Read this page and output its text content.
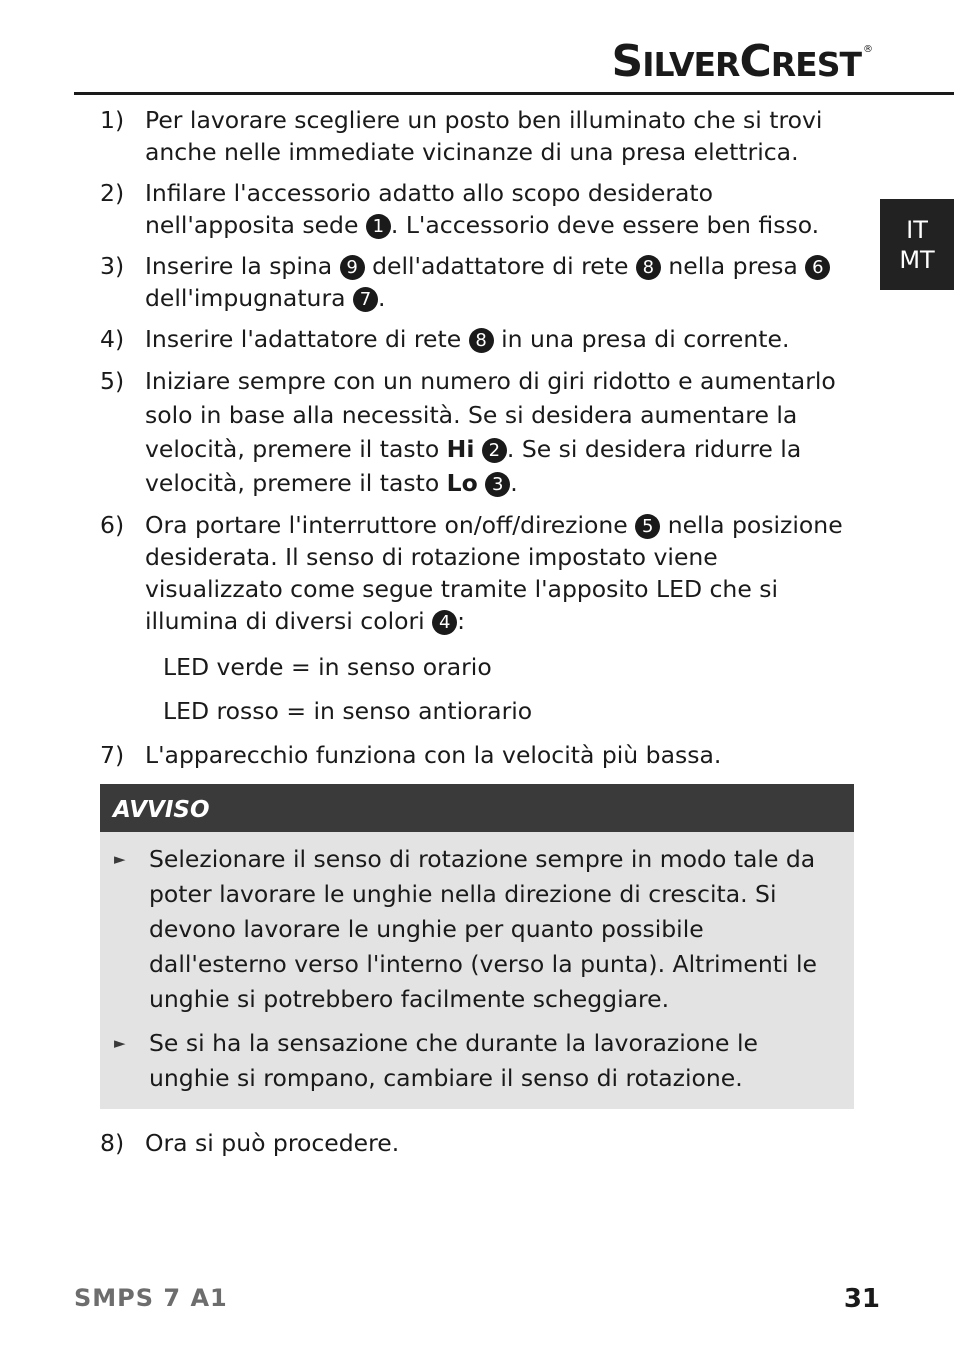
SILVERCREST ®
IT
MT
1) Per lavorare scegliere un posto ben illuminato che si trovi anche nelle immediate vicinanze di una presa elettrica.
2) Infilare l'accessorio adatto allo scopo desiderato nell'apposita sede 1 . L'accessorio deve essere ben fisso.
3) Inserire la spina 9 dell'adattatore di rete 8 nella presa 6 dell'impugnatura 7 .
4) Inserire l'adattatore di rete 8 in una presa di corrente.
5) Iniziare sempre con un numero di giri ridotto e aumentarlo solo in base alla necessità. Se si desidera aumentare la velocità, premere il tasto Hi 2 . Se si desidera ridurre la velocità, premere il tasto Lo 3 .
6) Ora portare l'interruttore on/off/direzione 5 nella posizione desiderata. Il senso di rotazione impostato viene visualizzato come segue tramite l'apposito LED che si illumina di diversi colori 4 :
LED verde = in senso orario
LED rosso = in senso antiorario
7) L'apparecchio funziona con la velocità più bassa.
AVVISO
► Selezionare il senso di rotazione sempre in modo tale da poter lavorare le unghie nella direzione di crescita. Si devono lavorare le unghie per quanto possibile dall'esterno verso l'interno (verso la punta). Altrimenti le unghie si potrebbero facilmente scheggiare.
► Se si ha la sensazione che durante la lavorazione le unghie si rompano, cambiare il senso di rotazione.
8) Ora si può procedere.
SMPS 7 A1	31
